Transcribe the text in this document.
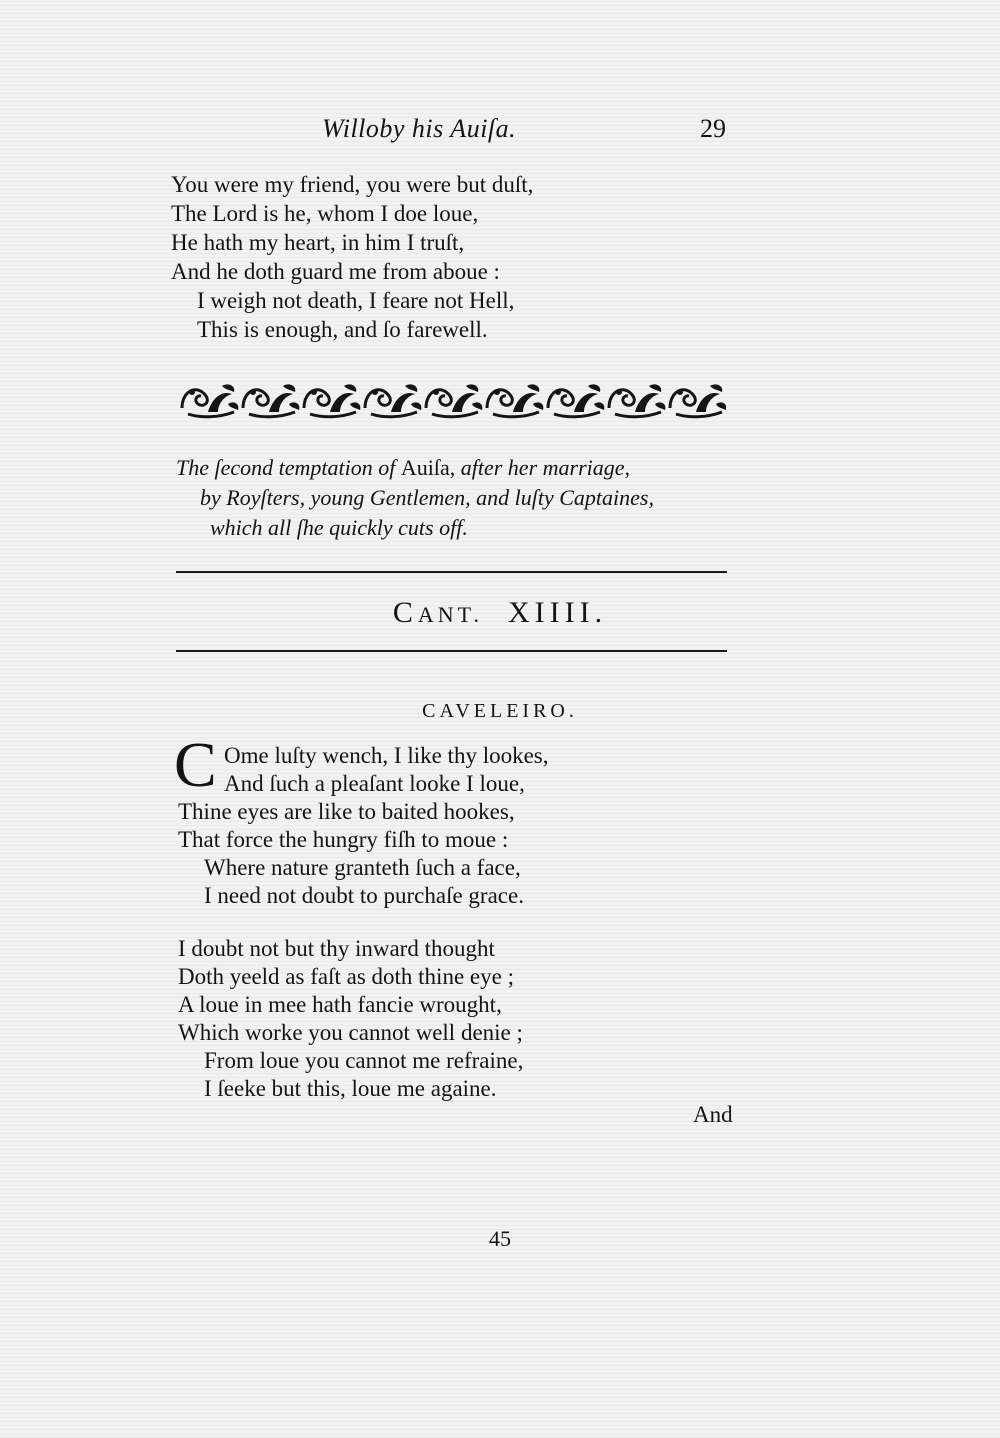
Willoby his Auiſa.	29
You were my friend, you were but duſt,
The Lord is he, whom I doe loue,
He hath my heart, in him I truſt,
And he doth guard me from aboue :
I weigh not death, I feare not Hell,
This is enough, and ſo farewell.
The ſecond temptation of Auiſa, after her marriage,
by Royſters, young Gentlemen, and luſty Captaines,
which all ſhe quickly cuts off.
CANT. XIIII.
CAVELEIRO.
C Ome luſty wench, I like thy lookes,
And ſuch a pleaſant looke I loue,
Thine eyes are like to baited hookes,
That force the hungry fiſh to moue :
Where nature granteth ſuch a face,
I need not doubt to purchaſe grace.
I doubt not but thy inward thought
Doth yeeld as faſt as doth thine eye ;
A loue in mee hath fancie wrought,
Which worke you cannot well denie ;
From loue you cannot me refraine,
I ſeeke but this, loue me againe.
And
45
